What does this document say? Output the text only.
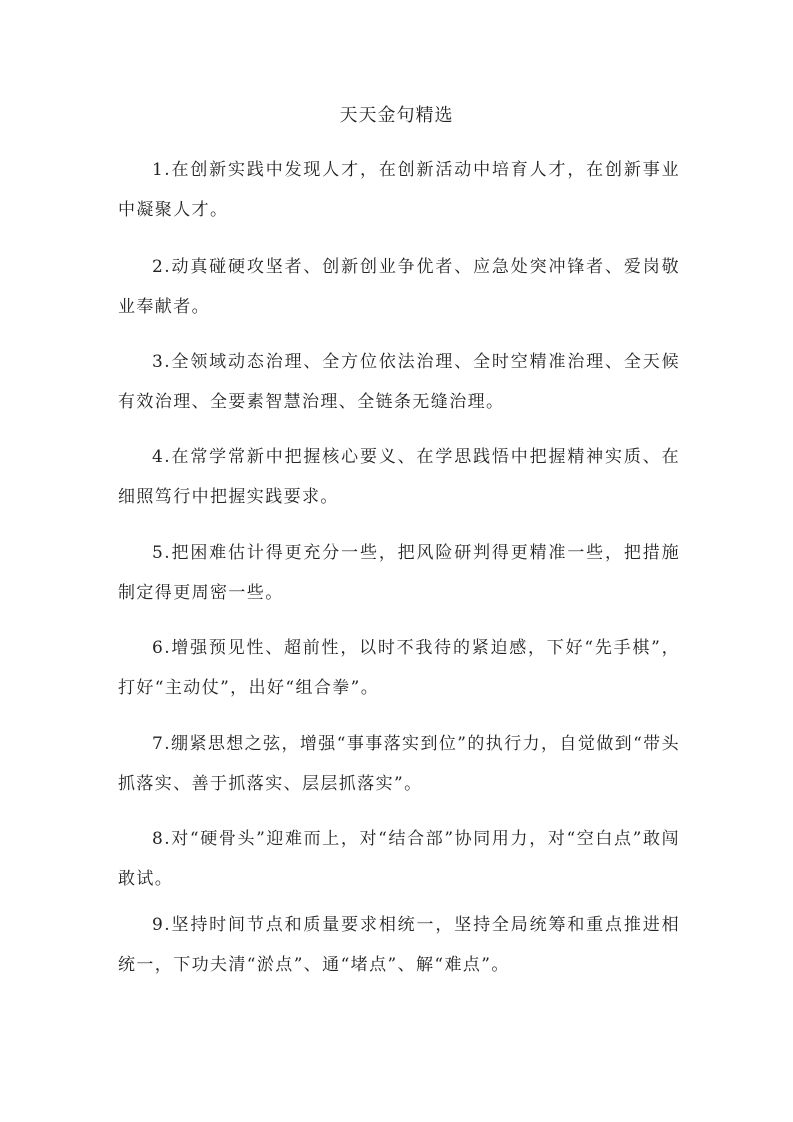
天天金句精选

1.在创新实践中发现人才，在创新活动中培育人才，在创新事业中凝聚人才。

2.动真碰硬攻坚者、创新创业争优者、应急处突冲锋者、爱岗敬业奉献者。

3.全领域动态治理、全方位依法治理、全时空精准治理、全天候有效治理、全要素智慧治理、全链条无缝治理。

4.在常学常新中把握核心要义、在学思践悟中把握精神实质、在细照笃行中把握实践要求。

5.把困难估计得更充分一些，把风险研判得更精准一些，把措施制定得更周密一些。

6.增强预见性、超前性，以时不我待的紧迫感，下好“先手棋”，打好“主动仗”，出好“组合拳”。

7.绷紧思想之弦，增强“事事落实到位”的执行力，自觉做到“带头抓落实、善于抓落实、层层抓落实”。

8.对“硬骨头”迎难而上，对“结合部”协同用力，对“空白点”敢闯敢试。

9.坚持时间节点和质量要求相统一，坚持全局统筹和重点推进相统一，下功夫清“淤点”、通“堵点”、解“难点”。
